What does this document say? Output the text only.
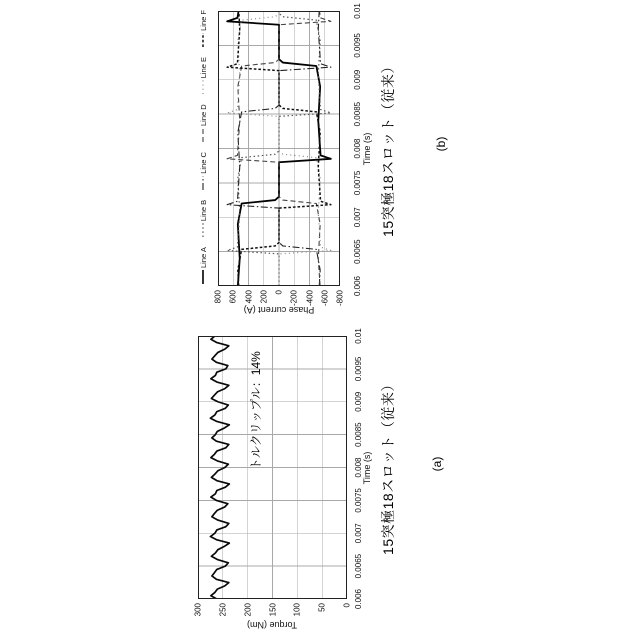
Torque (Nm)
Time (s)
トルクリップル：14%	15突極18スロット（従来）	(a)
0.006
0.0065
0.007
0.0075
0.008
0.0085
0.009
0.0095
0.01
0
50
100
150
200
250
300
Line A
Line B
Line C
Line D
Line E
Line F
Phase current (A)
Time (s) 15突極18スロット（従来）	(b)
0.006
0.0065
0.007
0.0075
0.008
0.0085
0.009
0.0095
0.01
-800
-600
-400
-200
0
200
400
600
800
